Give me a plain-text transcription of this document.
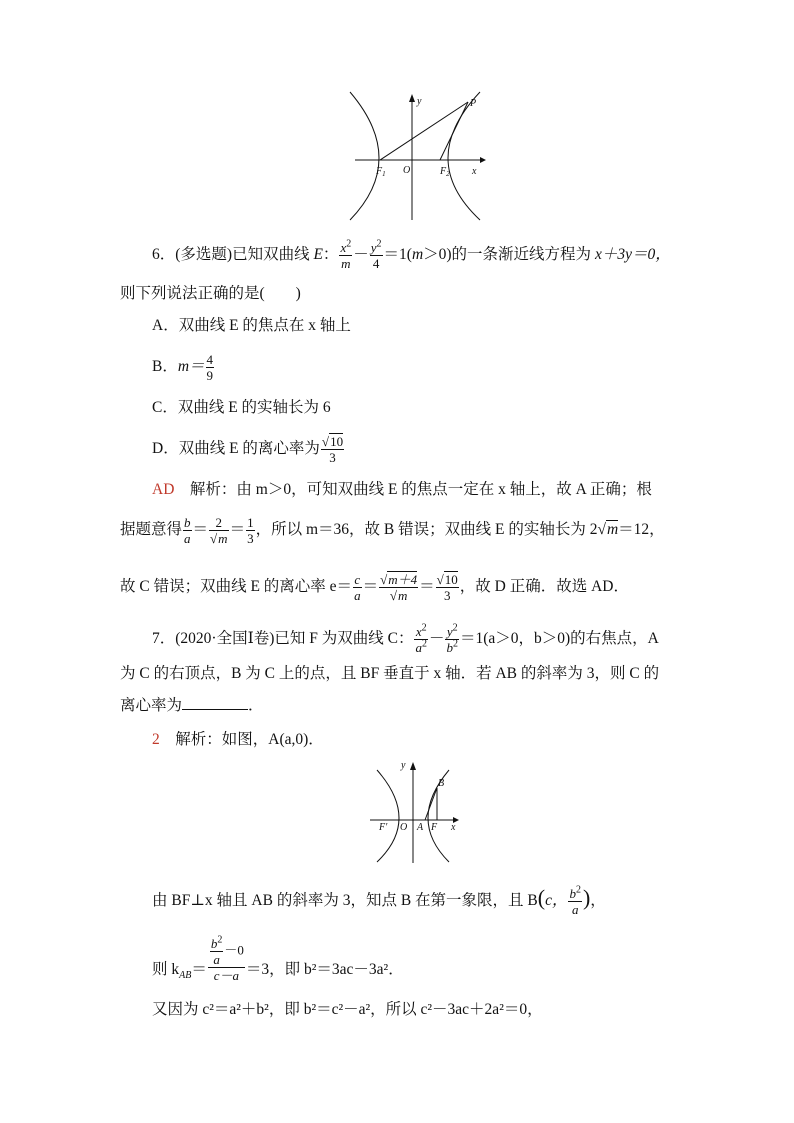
y	P
$F_1$ O	$F_2$ x
6．(多选题)已知双曲线 E： $\frac{x^2}{m} - \frac{y^2}{4} =1(m>0)$的一条渐近线方程为 x＋3y＝0，
则下列说法正确的是(　　)
A．双曲线 E 的焦点在 x 轴上
B．$m= \frac{4}{9}$
C．双曲线 E 的实轴长为 6
D．双曲线 E 的离心率为 $\frac{√10}{3}$
AD　解析：由 m＞0，可知双曲线 E 的焦点一定在 x 轴上，故 A 正确；根
据题意得 $\frac{b}{a} = \frac{2}{√m} = \frac{1}{3}$ ，所以 m＝36，故 B 错误；双曲线 E 的实轴长为 2√m＝12，
故 C 错误；双曲线 E 的离心率 $e= \frac{c}{a} = \frac{√m+4}{√m} = \frac{√10}{3}$ ，故 D 正确．故选 AD．
7．(2020·全国Ⅰ卷)已知 F 为双曲线 C： $\frac{x^2}{a^2} - \frac{y^2}{b^2} =1(a>0$，b＞0)的右焦点，A
为 C 的右顶点，B 为 C 上的点，且 BF 垂直于 x 轴．若 AB 的斜率为 3，则 C 的
离心率为	．
2　解析：如图，A(a,0)．
y
B
F′ O A F x
由 BF⊥x 轴且 AB 的斜率为 3，知点 B 在第一象限，且 B(c， $\frac{b^2}{a}$ )，
则 $k_{AB}= \frac{\frac{b^2}{a} -0}{c-a} =3$，即 b²＝3ac－3a²．
又因为 c²＝a²＋b²，即 b²＝c²－a²，所以 c²－3ac＋2a²＝0，
